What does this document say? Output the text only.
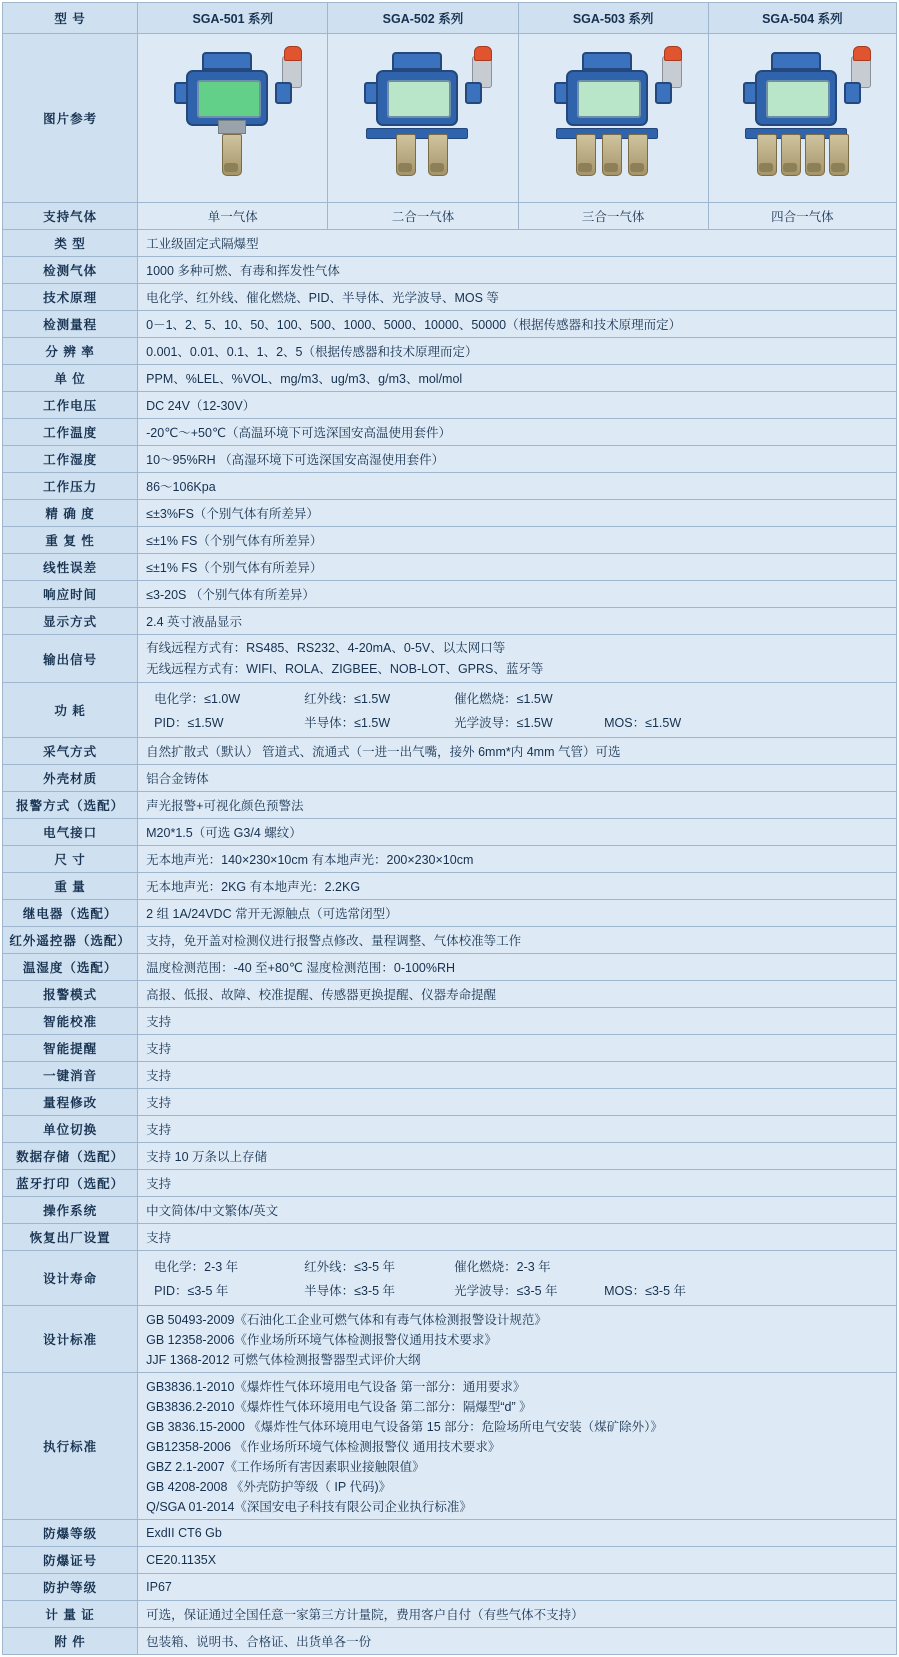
型 号	SGA-501 系列	SGA-502 系列	SGA-503 系列	SGA-504 系列
图片参考	

支持气体	单一气体	二合一气体	三合一气体	四合一气体
类 型	工业级固定式隔爆型			
检测气体	1000 多种可燃、有毒和挥发性气体			
技术原理	电化学、红外线、催化燃烧、PID、半导体、光学波导、MOS 等			
检测量程	0－1、2、5、10、50、100、500、1000、5000、10000、50000（根据传感器和技术原理而定）			
分 辨 率	0.001、0.01、0.1、1、2、5（根据传感器和技术原理而定）			
单 位	PPM、%LEL、%VOL、mg/m3、ug/m3、g/m3、mol/mol			
工作电压	DC 24V（12-30V）			
工作温度	-20℃～+50℃（高温环境下可选深国安高温使用套件）			
工作湿度	10～95%RH （高湿环境下可选深国安高湿使用套件）			
工作压力	86～106Kpa			
精 确 度	≤±3%FS（个别气体有所差异）			
重 复 性	≤±1% FS（个别气体有所差异）			
线性误差	≤±1% FS（个别气体有所差异）			
响应时间	≤3-20S （个别气体有所差异）			
显示方式	2.4 英寸液晶显示			
输出信号	有线远程方式有：RS485、RS232、4-20mA、0-5V、以太网口等
无线远程方式有：WIFI、ROLA、ZIGBEE、NOB-LOT、GPRS、蓝牙等			

功 耗	
电化学：≤1.0W	红外线：≤1.5W	催化燃烧：≤1.5W
PID：≤1.5W	半导体：≤1.5W	光学波导：≤1.5W	MOS：≤1.5W

采气方式	自然扩散式（默认） 管道式、流通式（一进一出气嘴，接外 6mm*内 4mm 气管）可选			
外壳材质	铝合金铸体			
报警方式（选配）	声光报警+可视化颜色预警法			
电气接口	M20*1.5（可选 G3/4 螺纹）			
尺 寸	无本地声光：140×230×10cm 有本地声光：200×230×10cm			
重 量	无本地声光：2KG 有本地声光：2.2KG			
继电器（选配）	2 组 1A/24VDC 常开无源触点（可选常闭型）			
红外遥控器（选配）	支持，免开盖对检测仪进行报警点修改、量程调整、气体校准等工作			
温湿度（选配）	温度检测范围：-40 至+80℃ 湿度检测范围：0-100%RH			
报警模式	高报、低报、故障、校准提醒、传感器更换提醒、仪器寿命提醒			
智能校准	支持			
智能提醒	支持			
一键消音	支持			
量程修改	支持			
单位切换	支持			
数据存储（选配）	支持 10 万条以上存储			
蓝牙打印（选配）	支持			
操作系统	中文简体/中文繁体/英文			
恢复出厂设置	支持			
设计寿命	
电化学：2-3 年	红外线：≤3-5 年	催化燃烧：2-3 年
PID：≤3-5 年	半导体：≤3-5 年	光学波导：≤3-5 年	MOS：≤3-5 年

设计标准	GB 50493-2009《石油化工企业可燃气体和有毒气体检测报警设计规范》
GB 12358-2006《作业场所环境气体检测报警仪通用技术要求》
JJF 1368-2012 可燃气体检测报警器型式评价大纲			

执行标准	
GB3836.1-2010《爆炸性气体环境用电气设备 第一部分：通用要求》
GB3836.2-2010《爆炸性气体环境用电气设备 第二部分：隔爆型“d” 》
GB 3836.15-2000 《爆炸性气体环境用电气设备第 15 部分：危险场所电气安装（煤矿除外）》
GB12358-2006 《作业场所环境气体检测报警仪 通用技术要求》
GBZ 2.1-2007《工作场所有害因素职业接触限值》
GB 4208-2008 《外壳防护等级（ IP 代码)》
Q/SGA 01-2014《深国安电子科技有限公司企业执行标准》

防爆等级	ExdII CT6 Gb			
防爆证号	CE20.1135X			
防护等级	IP67			
计 量 证	可选，保证通过全国任意一家第三方计量院，费用客户自付（有些气体不支持）			
附 件	包装箱、说明书、合格证、出货单各一份			
